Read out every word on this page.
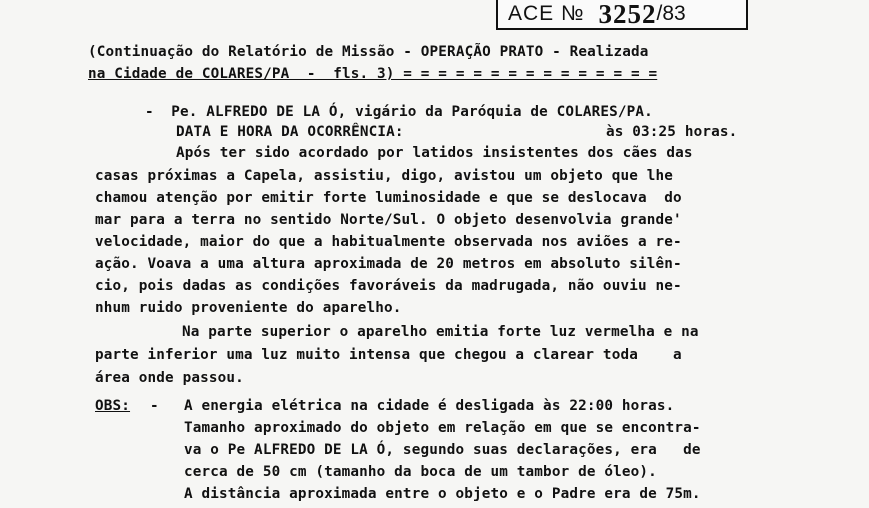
ACE № 3252 /83
(Continuação do Relatório de Missão - OPERAÇÃO PRATO - Realizada
na Cidade de COLARES/PA  -  fls. 3) = = = = = = = = = = = = = = =
-  Pe. ALFREDO DE LA Ó, vigário da Paróquia de COLARES/PA.
DATA E HORA DA OCORRÊNCIA:	às 03:25 horas.
Após ter sido acordado por latidos insistentes dos cães das
casas próximas a Capela, assistiu, digo, avistou um objeto que lhe
chamou atenção por emitir forte luminosidade e que se deslocava  do
mar para a terra no sentido Norte/Sul. O objeto desenvolvia grande'
velocidade, maior do que a habitualmente observada nos aviões a re-
ação. Voava a uma altura aproximada de 20 metros em absoluto silên-
cio, pois dadas as condições favoráveis da madrugada, não ouviu ne-
nhum ruido proveniente do aparelho.
Na parte superior o aparelho emitia forte luz vermelha e na
parte inferior uma luz muito intensa que chegou a clarear toda    a
área onde passou.
OBS: - A energia elétrica na cidade é desligada às 22:00 horas.
Tamanho aproximado do objeto em relação em que se encontra-
va o Pe ALFREDO DE LA Ó, segundo suas declarações, era   de
cerca de 50 cm (tamanho da boca de um tambor de óleo).
A distância aproximada entre o objeto e o Padre era de 75m.
